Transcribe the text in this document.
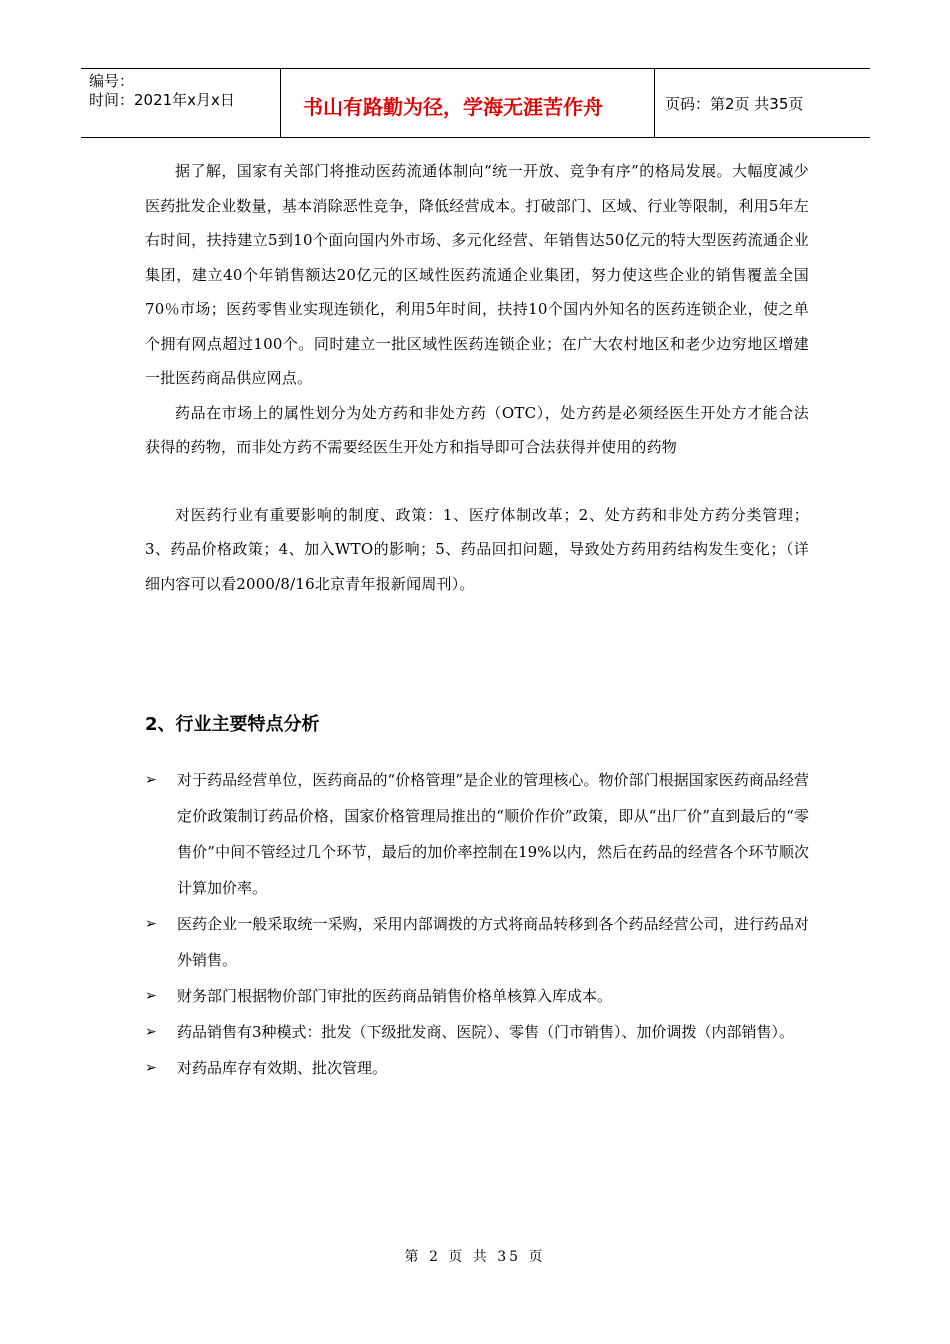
编号：
时间：2021年x月x日	书山有路勤为径，学海无涯苦作舟	页码：第2页 共35页

据了解，国家有关部门将推动医药流通体制向“统一开放、竞争有序”的格局发展。大幅度减少医药批发企业数量，基本消除恶性竞争，降低经营成本。打破部门、区域、行业等限制，利用5年左右时间，扶持建立5到10个面向国内外市场、多元化经营、年销售达50亿元的特大型医药流通企业集团，建立40个年销售额达20亿元的区域性医药流通企业集团，努力使这些企业的销售覆盖全国70％市场；医药零售业实现连锁化，利用5年时间，扶持10个国内外知名的医药连锁企业，使之单个拥有网点超过100个。同时建立一批区域性医药连锁企业；在广大农村地区和老少边穷地区增建一批医药商品供应网点。

药品在市场上的属性划分为处方药和非处方药（OTC），处方药是必须经医生开处方才能合法获得的药物，而非处方药不需要经医生开处方和指导即可合法获得并使用的药物

对医药行业有重要影响的制度、政策：1、医疗体制改革；2、处方药和非处方药分类管理；3、药品价格政策；4、加入WTO的影响；5、药品回扣问题，导致处方药用药结构发生变化；（详细内容可以看2000/8/16北京青年报新闻周刊）。

2、行业主要特点分析
➢ 对于药品经营单位，医药商品的“价格管理”是企业的管理核心。物价部门根据国家医药商品经营定价政策制订药品价格，国家价格管理局推出的“顺价作价”政策，即从“出厂价”直到最后的“零售价”中间不管经过几个环节，最后的加价率控制在19%以内，然后在药品的经营各个环节顺次计算加价率。
➢ 医药企业一般采取统一采购，采用内部调拨的方式将商品转移到各个药品经营公司，进行药品对外销售。
➢ 财务部门根据物价部门审批的医药商品销售价格单核算入库成本。
➢ 药品销售有3种模式：批发（下级批发商、医院）、零售（门市销售）、加价调拨（内部销售）。
➢ 对药品库存有效期、批次管理。
第 2 页 共 35 页
